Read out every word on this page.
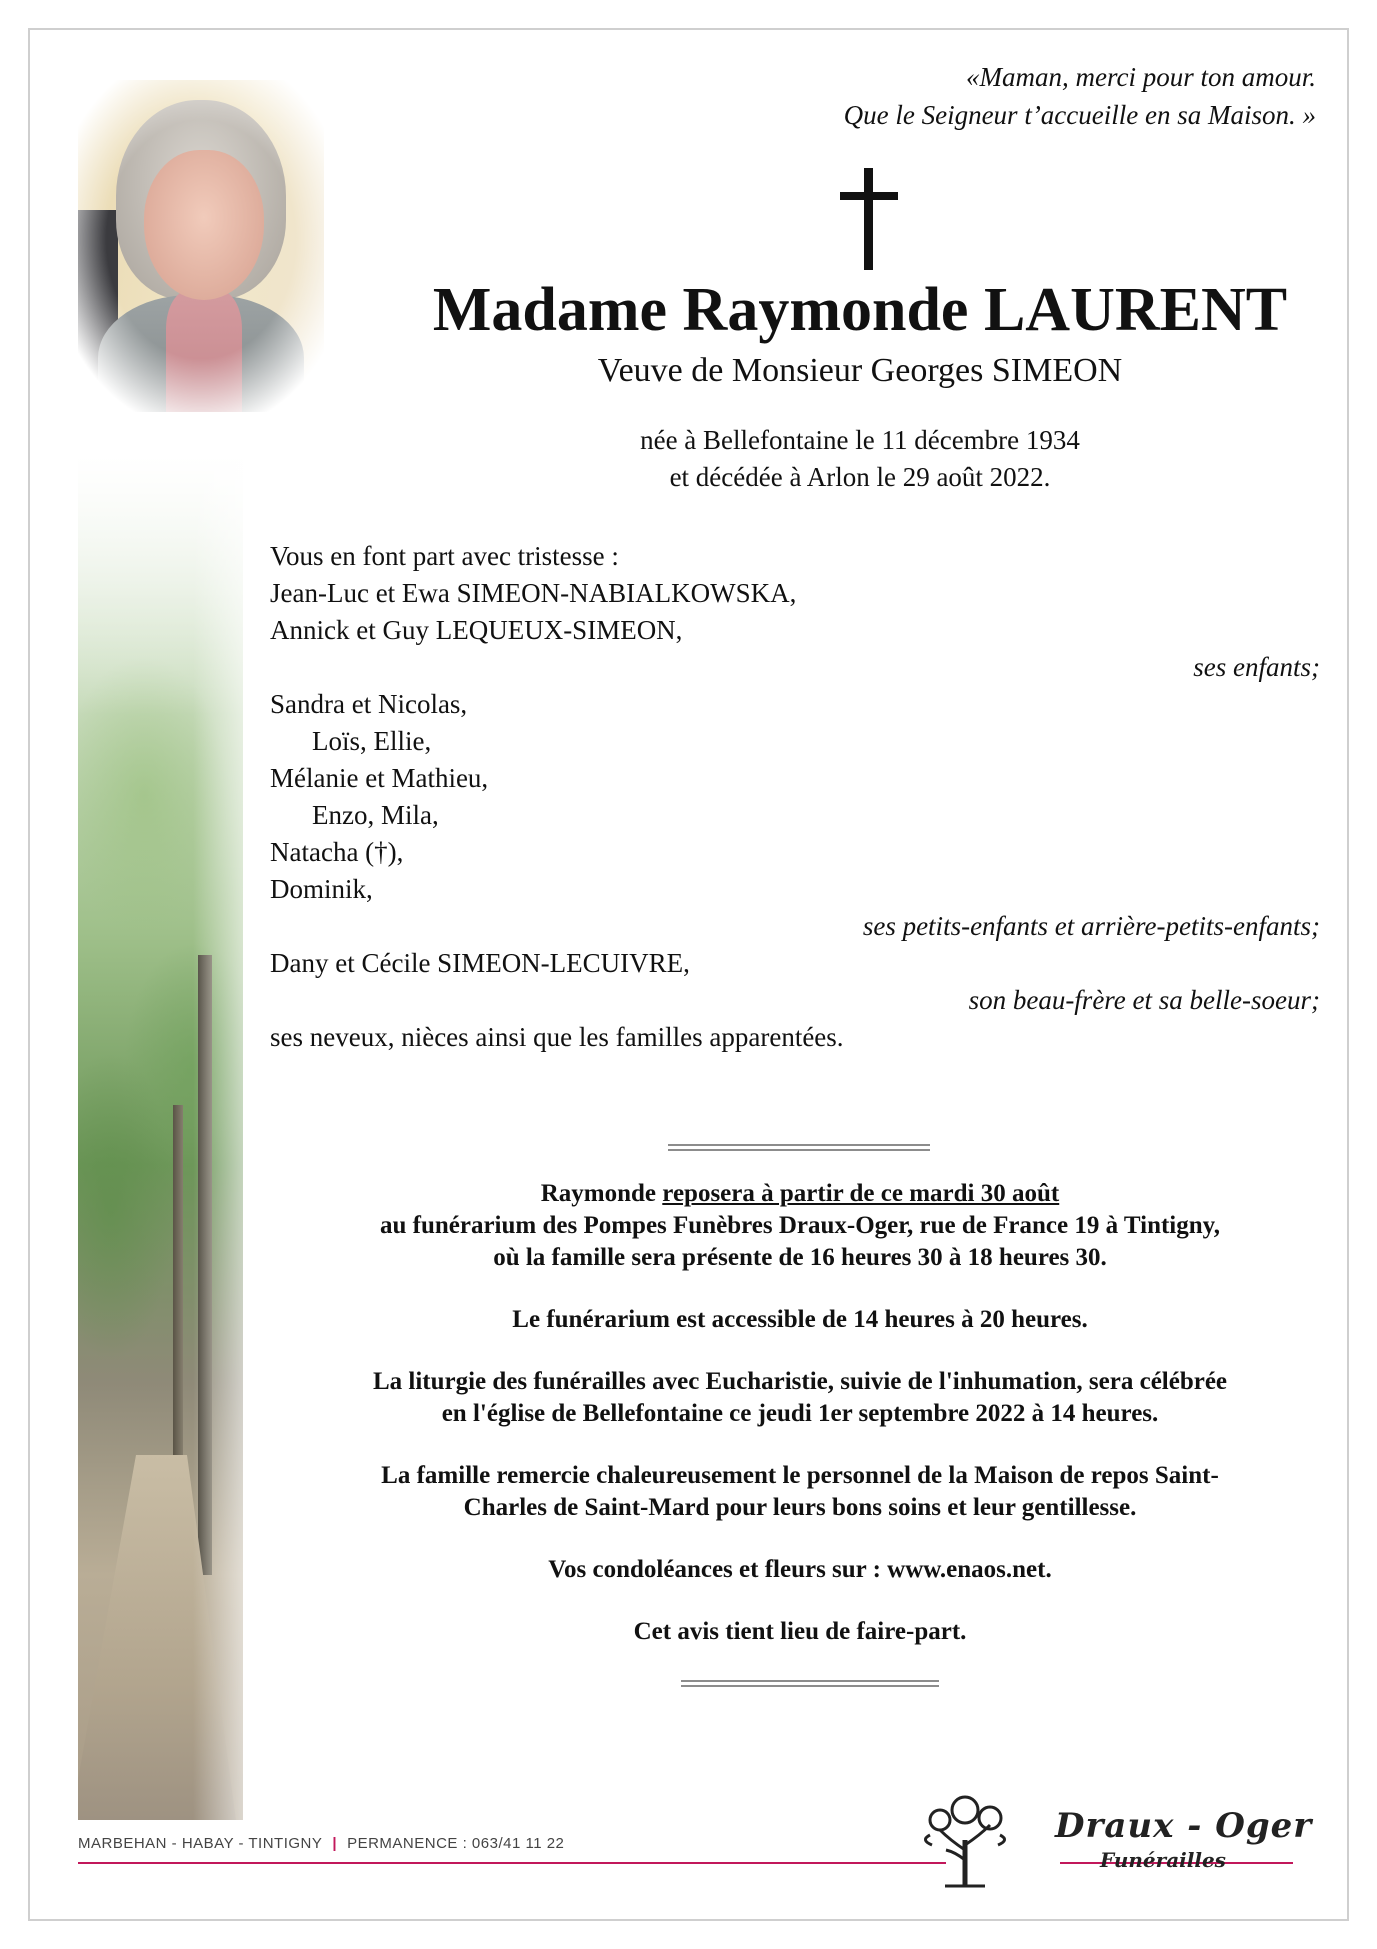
«Maman, merci pour ton amour.
Que le Seigneur t’accueille en sa Maison. »
Madame Raymonde LAURENT
Veuve de Monsieur Georges SIMEON
née à Bellefontaine le 11 décembre 1934
et décédée à Arlon le 29 août 2022.
Vous en font part avec tristesse :
Jean-Luc et Ewa SIMEON-NABIALKOWSKA,
Annick et Guy LEQUEUX-SIMEON,
ses enfants;
Sandra et Nicolas,
Loïs, Ellie,
Mélanie et Mathieu,
Enzo, Mila,
Natacha (†),
Dominik,
ses petits-enfants et arrière-petits-enfants;
Dany et Cécile SIMEON-LECUIVRE,
son beau-frère et sa belle-soeur;
ses neveux, nièces ainsi que les familles apparentées.

Raymonde reposera à partir de ce mardi 30 août
au funérarium des Pompes Funèbres Draux-Oger, rue de France 19 à Tintigny,
où la famille sera présente de 16 heures 30 à 18 heures 30.

Le funérarium est accessible de 14 heures à 20 heures.

La liturgie des funérailles avec Eucharistie, suivie de l'inhumation, sera célébrée
en l'église de Bellefontaine ce jeudi 1er septembre 2022 à 14 heures.

La famille remercie chaleureusement le personnel de la Maison de repos Saint-
Charles de Saint-Mard pour leurs bons soins et leur gentillesse.

Vos condoléances et fleurs sur : www.enaos.net.

Cet avis tient lieu de faire-part.

MARBEHAN - HABAY - TINTIGNY | PERMANENCE : 063/41 11 22	Draux - Oger
Funérailles
